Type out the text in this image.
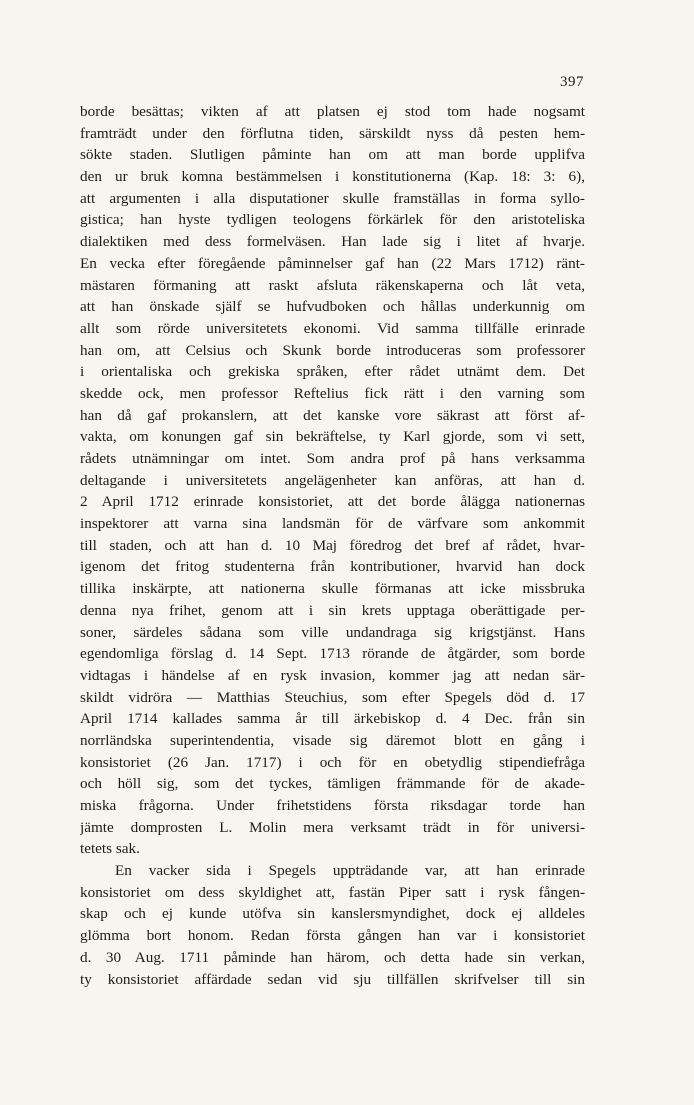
397
borde besättas; vikten af att platsen ej stod tom hade nogsamt
framträdt under den förflutna tiden, särskildt nyss då pesten hem-
sökte staden. Slutligen påminte han om att man borde upplifva
den ur bruk komna bestämmelsen i konstitutionerna (Kap. 18: 3: 6),
att argumenten i alla disputationer skulle framställas in forma syllo-
gistica; han hyste tydligen teologens förkärlek för den aristoteliska
dialektiken med dess formelväsen. Han lade sig i litet af hvarje.
En vecka efter föregående påminnelser gaf han (22 Mars 1712) ränt-
mästaren förmaning att raskt afsluta räkenskaperna och låt veta,
att han önskade själf se hufvudboken och hållas underkunnig om
allt som rörde universitetets ekonomi. Vid samma tillfälle erinrade
han om, att Celsius och Skunk borde introduceras som professorer
i orientaliska och grekiska språken, efter rådet utnämt dem. Det
skedde ock, men professor Reftelius fick rätt i den varning som
han då gaf prokanslern, att det kanske vore säkrast att först af-
vakta, om konungen gaf sin bekräftelse, ty Karl gjorde, som vi sett,
rådets utnämningar om intet. Som andra prof på hans verksamma
deltagande i universitetets angelägenheter kan anföras, att han d.
2 April 1712 erinrade konsistoriet, att det borde ålägga nationernas
inspektorer att varna sina landsmän för de värfvare som ankommit
till staden, och att han d. 10 Maj föredrog det bref af rådet, hvar-
igenom det fritog studenterna från kontributioner, hvarvid han dock
tillika inskärpte, att nationerna skulle förmanas att icke missbruka
denna nya frihet, genom att i sin krets upptaga oberättigade per-
soner, särdeles sådana som ville undandraga sig krigstjänst. Hans
egendomliga förslag d. 14 Sept. 1713 rörande de åtgärder, som borde
vidtagas i händelse af en rysk invasion, kommer jag att nedan sär-
skildt vidröra — Matthias Steuchius, som efter Spegels död d. 17
April 1714 kallades samma år till ärkebiskop d. 4 Dec. från sin
norrländska superintendentia, visade sig däremot blott en gång i
konsistoriet (26 Jan. 1717) i och för en obetydlig stipendiefråga
och höll sig, som det tyckes, tämligen främmande för de akade-
miska frågorna. Under frihetstidens första riksdagar torde han
jämte domprosten L. Molin mera verksamt trädt in för universi-
tetets sak.
En vacker sida i Spegels uppträdande var, att han erinrade
konsistoriet om dess skyldighet att, fastän Piper satt i rysk fången-
skap och ej kunde utöfva sin kanslersmyndighet, dock ej alldeles
glömma bort honom. Redan första gången han var i konsistoriet
d. 30 Aug. 1711 påminde han härom, och detta hade sin verkan,
ty konsistoriet affärdade sedan vid sju tillfällen skrifvelser till sin
